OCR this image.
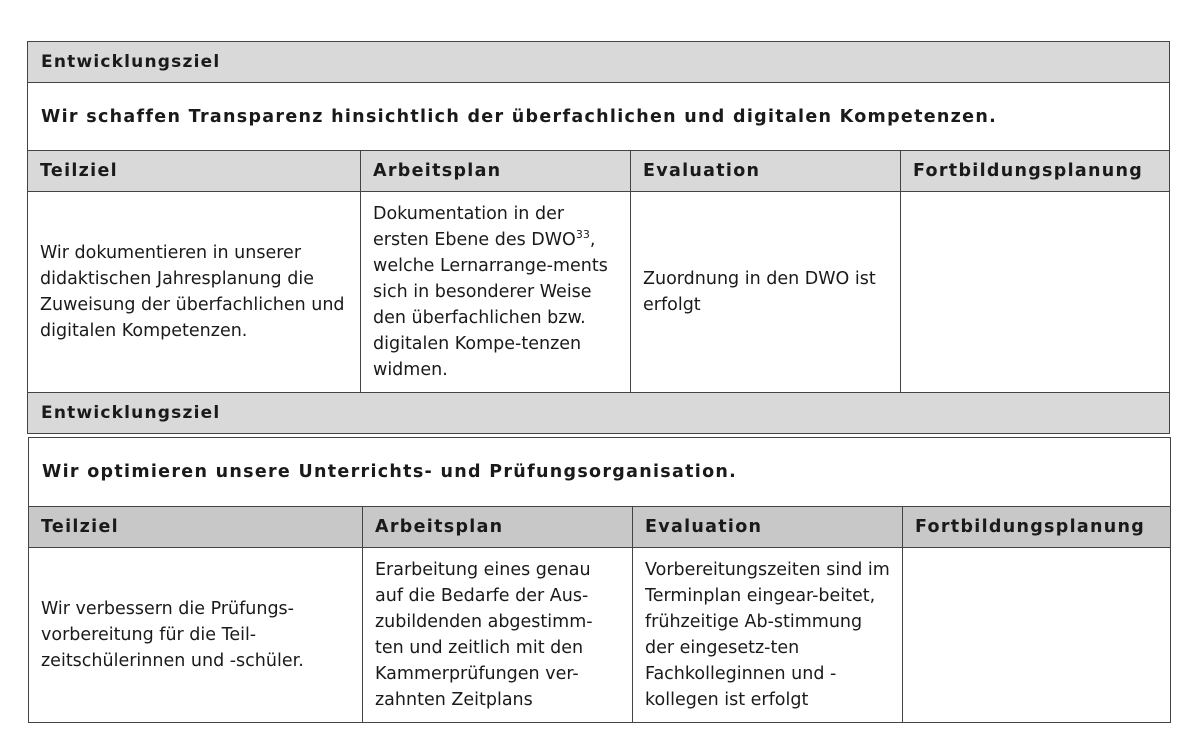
Entwicklungsziel			
Wir schaffen Transparenz hinsichtlich der überfachlichen und digitalen Kompetenzen.			
Teilziel	Arbeitsplan	Evaluation	Fortbildungsplanung
Wir dokumentieren in unserer didaktischen Jahresplanung die Zuweisung der überfachlichen und digitalen Kompetenzen.	Dokumentation in der ersten Ebene des DWO$^{33}$, welche Lernarrange-ments sich in besonderer Weise den überfachlichen bzw. digitalen Kompe-tenzen widmen.	Zuordnung in den DWO ist erfolgt	
Entwicklungsziel			
Wir optimieren unsere Unterrichts- und Prüfungsorganisation.			
Teilziel	Arbeitsplan	Evaluation	Fortbildungsplanung
Wir verbessern die Prüfungs-vorbereitung für die Teil-zeitschülerinnen und -schüler.	Erarbeitung eines genau auf die Bedarfe der Aus-zubildenden abgestimm-ten und zeitlich mit den Kammerprüfungen ver-zahnten Zeitplans	Vorbereitungszeiten sind im Terminplan eingear-beitet, frühzeitige Ab-stimmung der eingesetz-ten Fachkolleginnen und -kollegen ist erfolgt	
